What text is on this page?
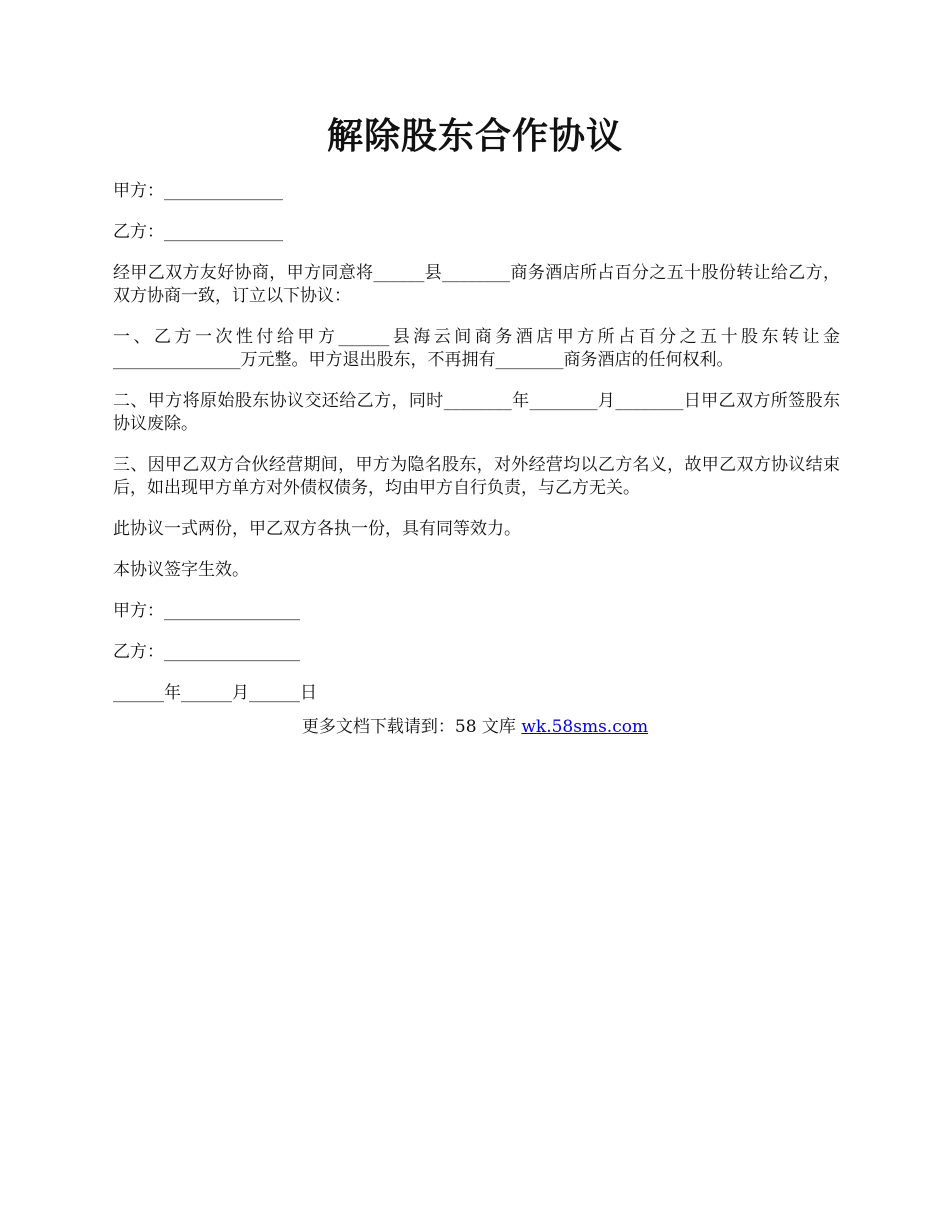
解除股东合作协议

甲方：______________

乙方：______________

经甲乙双方友好协商，甲方同意将______县________商务酒店所占百分之五十股份转让给乙方，双方协商一致，订立以下协议：

一、乙方一次性付给甲方______县海云间商务酒店甲方所占百分之五十股东转让金_______________万元整。甲方退出股东，不再拥有________商务酒店的任何权利。

二、甲方将原始股东协议交还给乙方，同时________年________月________日甲乙双方所签股东协议废除。

三、因甲乙双方合伙经营期间，甲方为隐名股东，对外经营均以乙方名义，故甲乙双方协议结束后，如出现甲方单方对外债权债务，均由甲方自行负责，与乙方无关。

此协议一式两份，甲乙双方各执一份，具有同等效力。

本协议签字生效。

甲方：________________

乙方：________________

______年______月______日

更多文档下载请到：58 文库 wk.58sms.com
